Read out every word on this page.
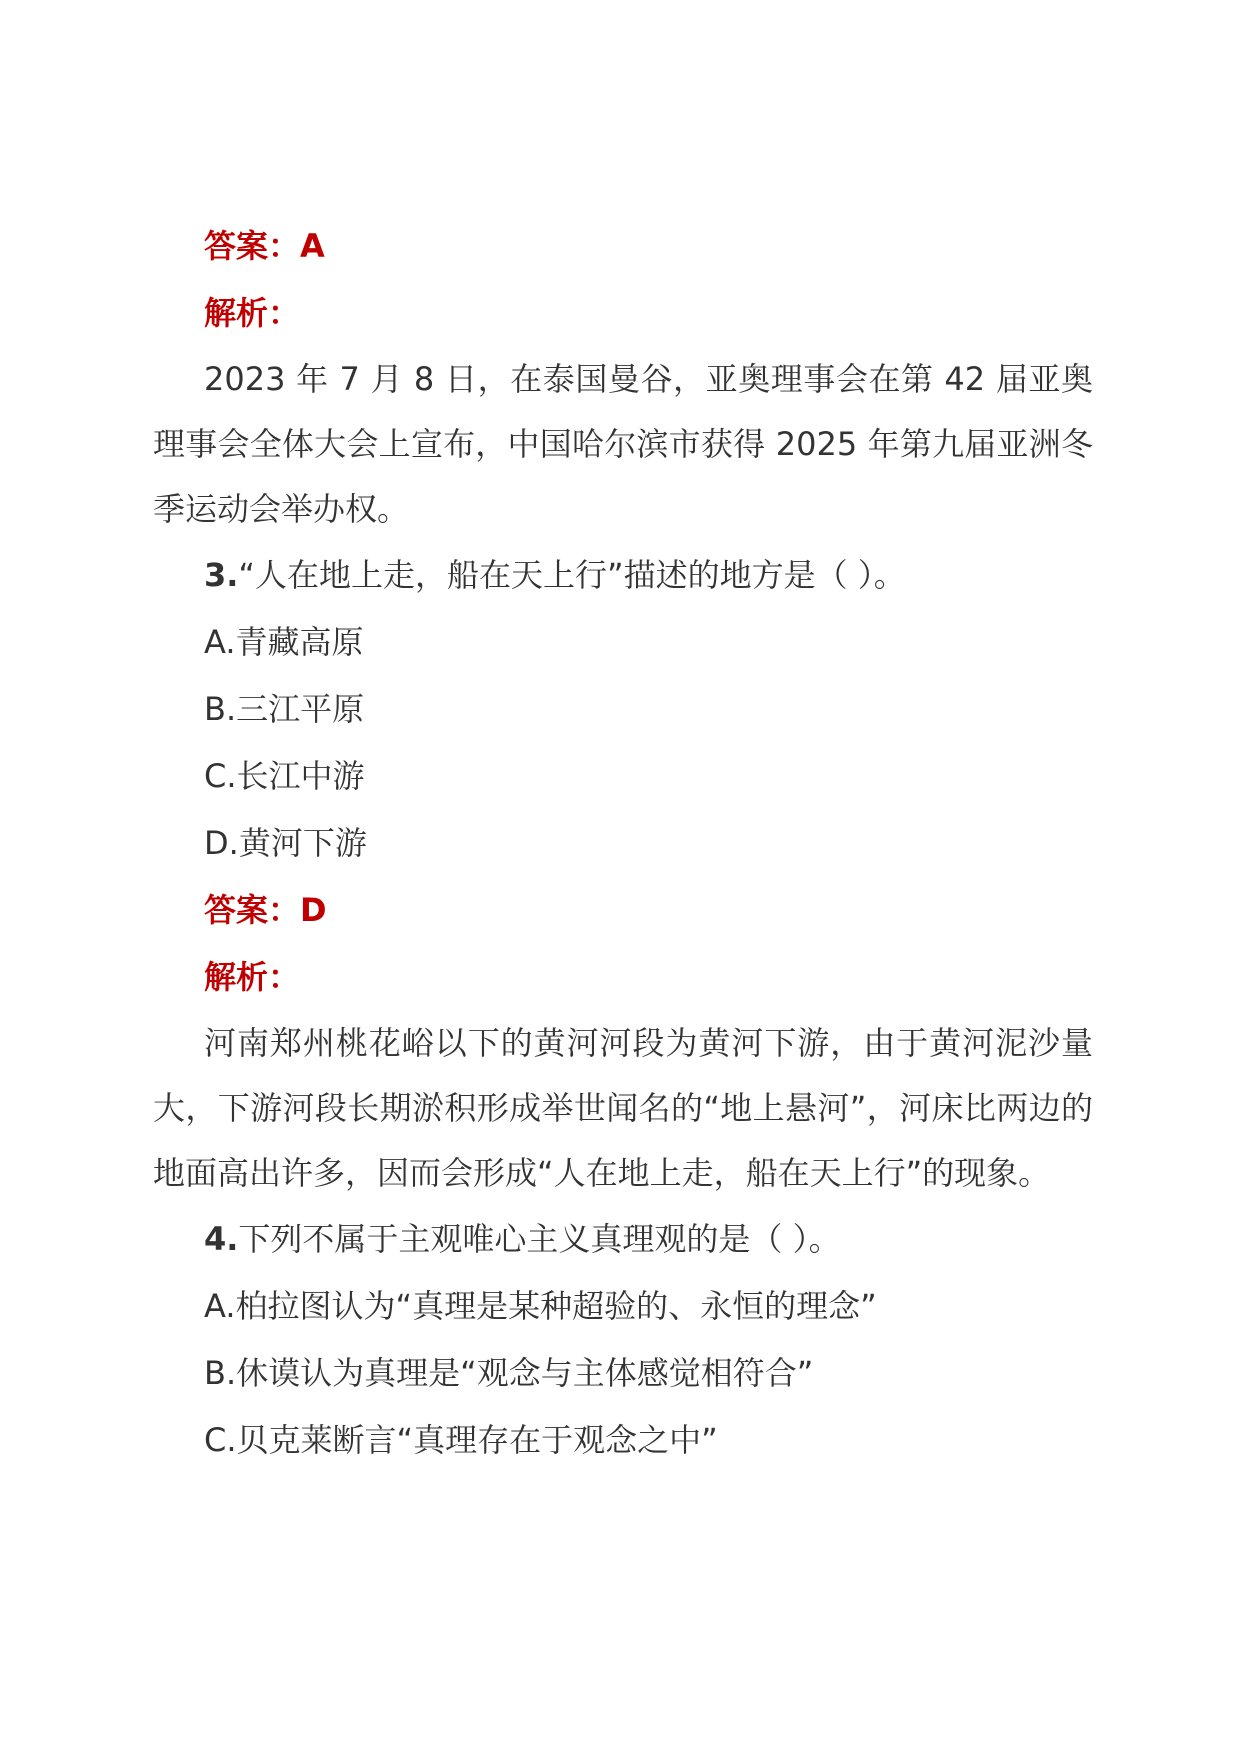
答案：A

解析：

2023 年 7 月 8 日，在泰国曼谷，亚奥理事会在第 42 届亚奥理事会全体大会上宣布，中国哈尔滨市获得 2025 年第九届亚洲冬季运动会举办权。

3.“人在地上走，船在天上行”描述的地方是（ ）。

A.青藏高原

B.三江平原

C.长江中游

D.黄河下游

答案：D

解析：

河南郑州桃花峪以下的黄河河段为黄河下游，由于黄河泥沙量大，下游河段长期淤积形成举世闻名的“地上悬河”，河床比两边的地面高出许多，因而会形成“人在地上走，船在天上行”的现象。

4.下列不属于主观唯心主义真理观的是（ ）。

A.柏拉图认为“真理是某种超验的、永恒的理念”

B.休谟认为真理是“观念与主体感觉相符合”

C.贝克莱断言“真理存在于观念之中”
